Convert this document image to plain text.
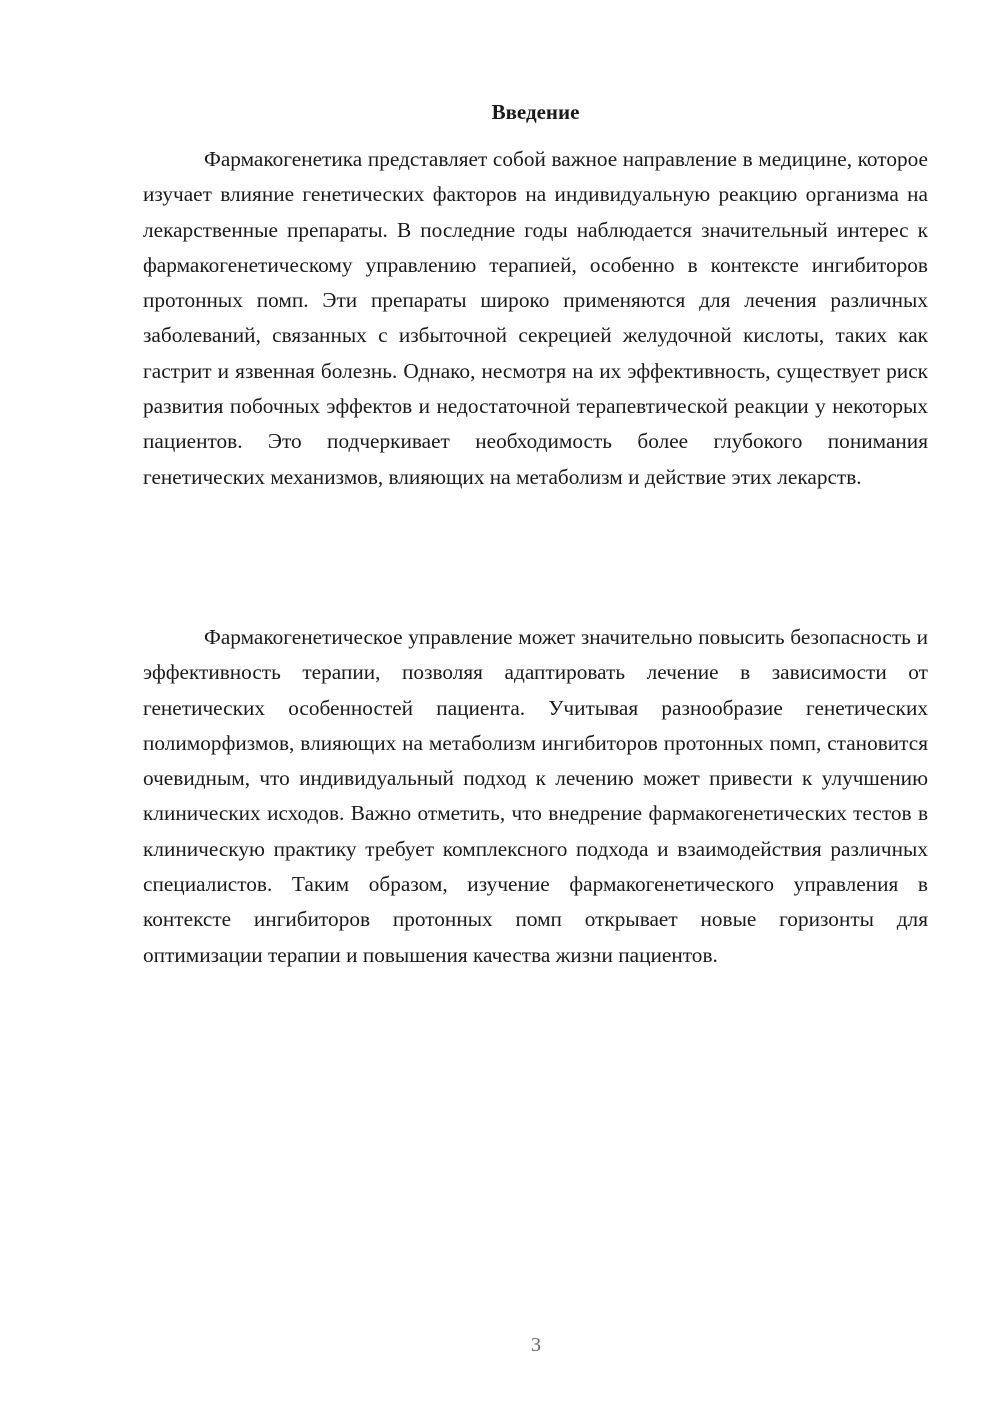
Введение

Фармакогенетика представляет собой важное направление в медицине, которое изучает влияние генетических факторов на индивидуальную реакцию организма на лекарственные препараты. В последние годы наблюдается значительный интерес к фармакогенетическому управлению терапией, особенно в контексте ингибиторов протонных помп. Эти препараты широко применяются для лечения различных заболеваний, связанных с избыточной секрецией желудочной кислоты, таких как гастрит и язвенная болезнь. Однако, несмотря на их эффективность, существует риск развития побочных эффектов и недостаточной терапевтической реакции у некоторых пациентов. Это подчеркивает необходимость более глубокого понимания генетических механизмов, влияющих на метаболизм и действие этих лекарств.

Фармакогенетическое управление может значительно повысить безопасность и эффективность терапии, позволяя адаптировать лечение в зависимости от генетических особенностей пациента. Учитывая разнообразие генетических полиморфизмов, влияющих на метаболизм ингибиторов протонных помп, становится очевидным, что индивидуальный подход к лечению может привести к улучшению клинических исходов. Важно отметить, что внедрение фармакогенетических тестов в клиническую практику требует комплексного подхода и взаимодействия различных специалистов. Таким образом, изучение фармакогенетического управления в контексте ингибиторов протонных помп открывает новые горизонты для оптимизации терапии и повышения качества жизни пациентов.

3
